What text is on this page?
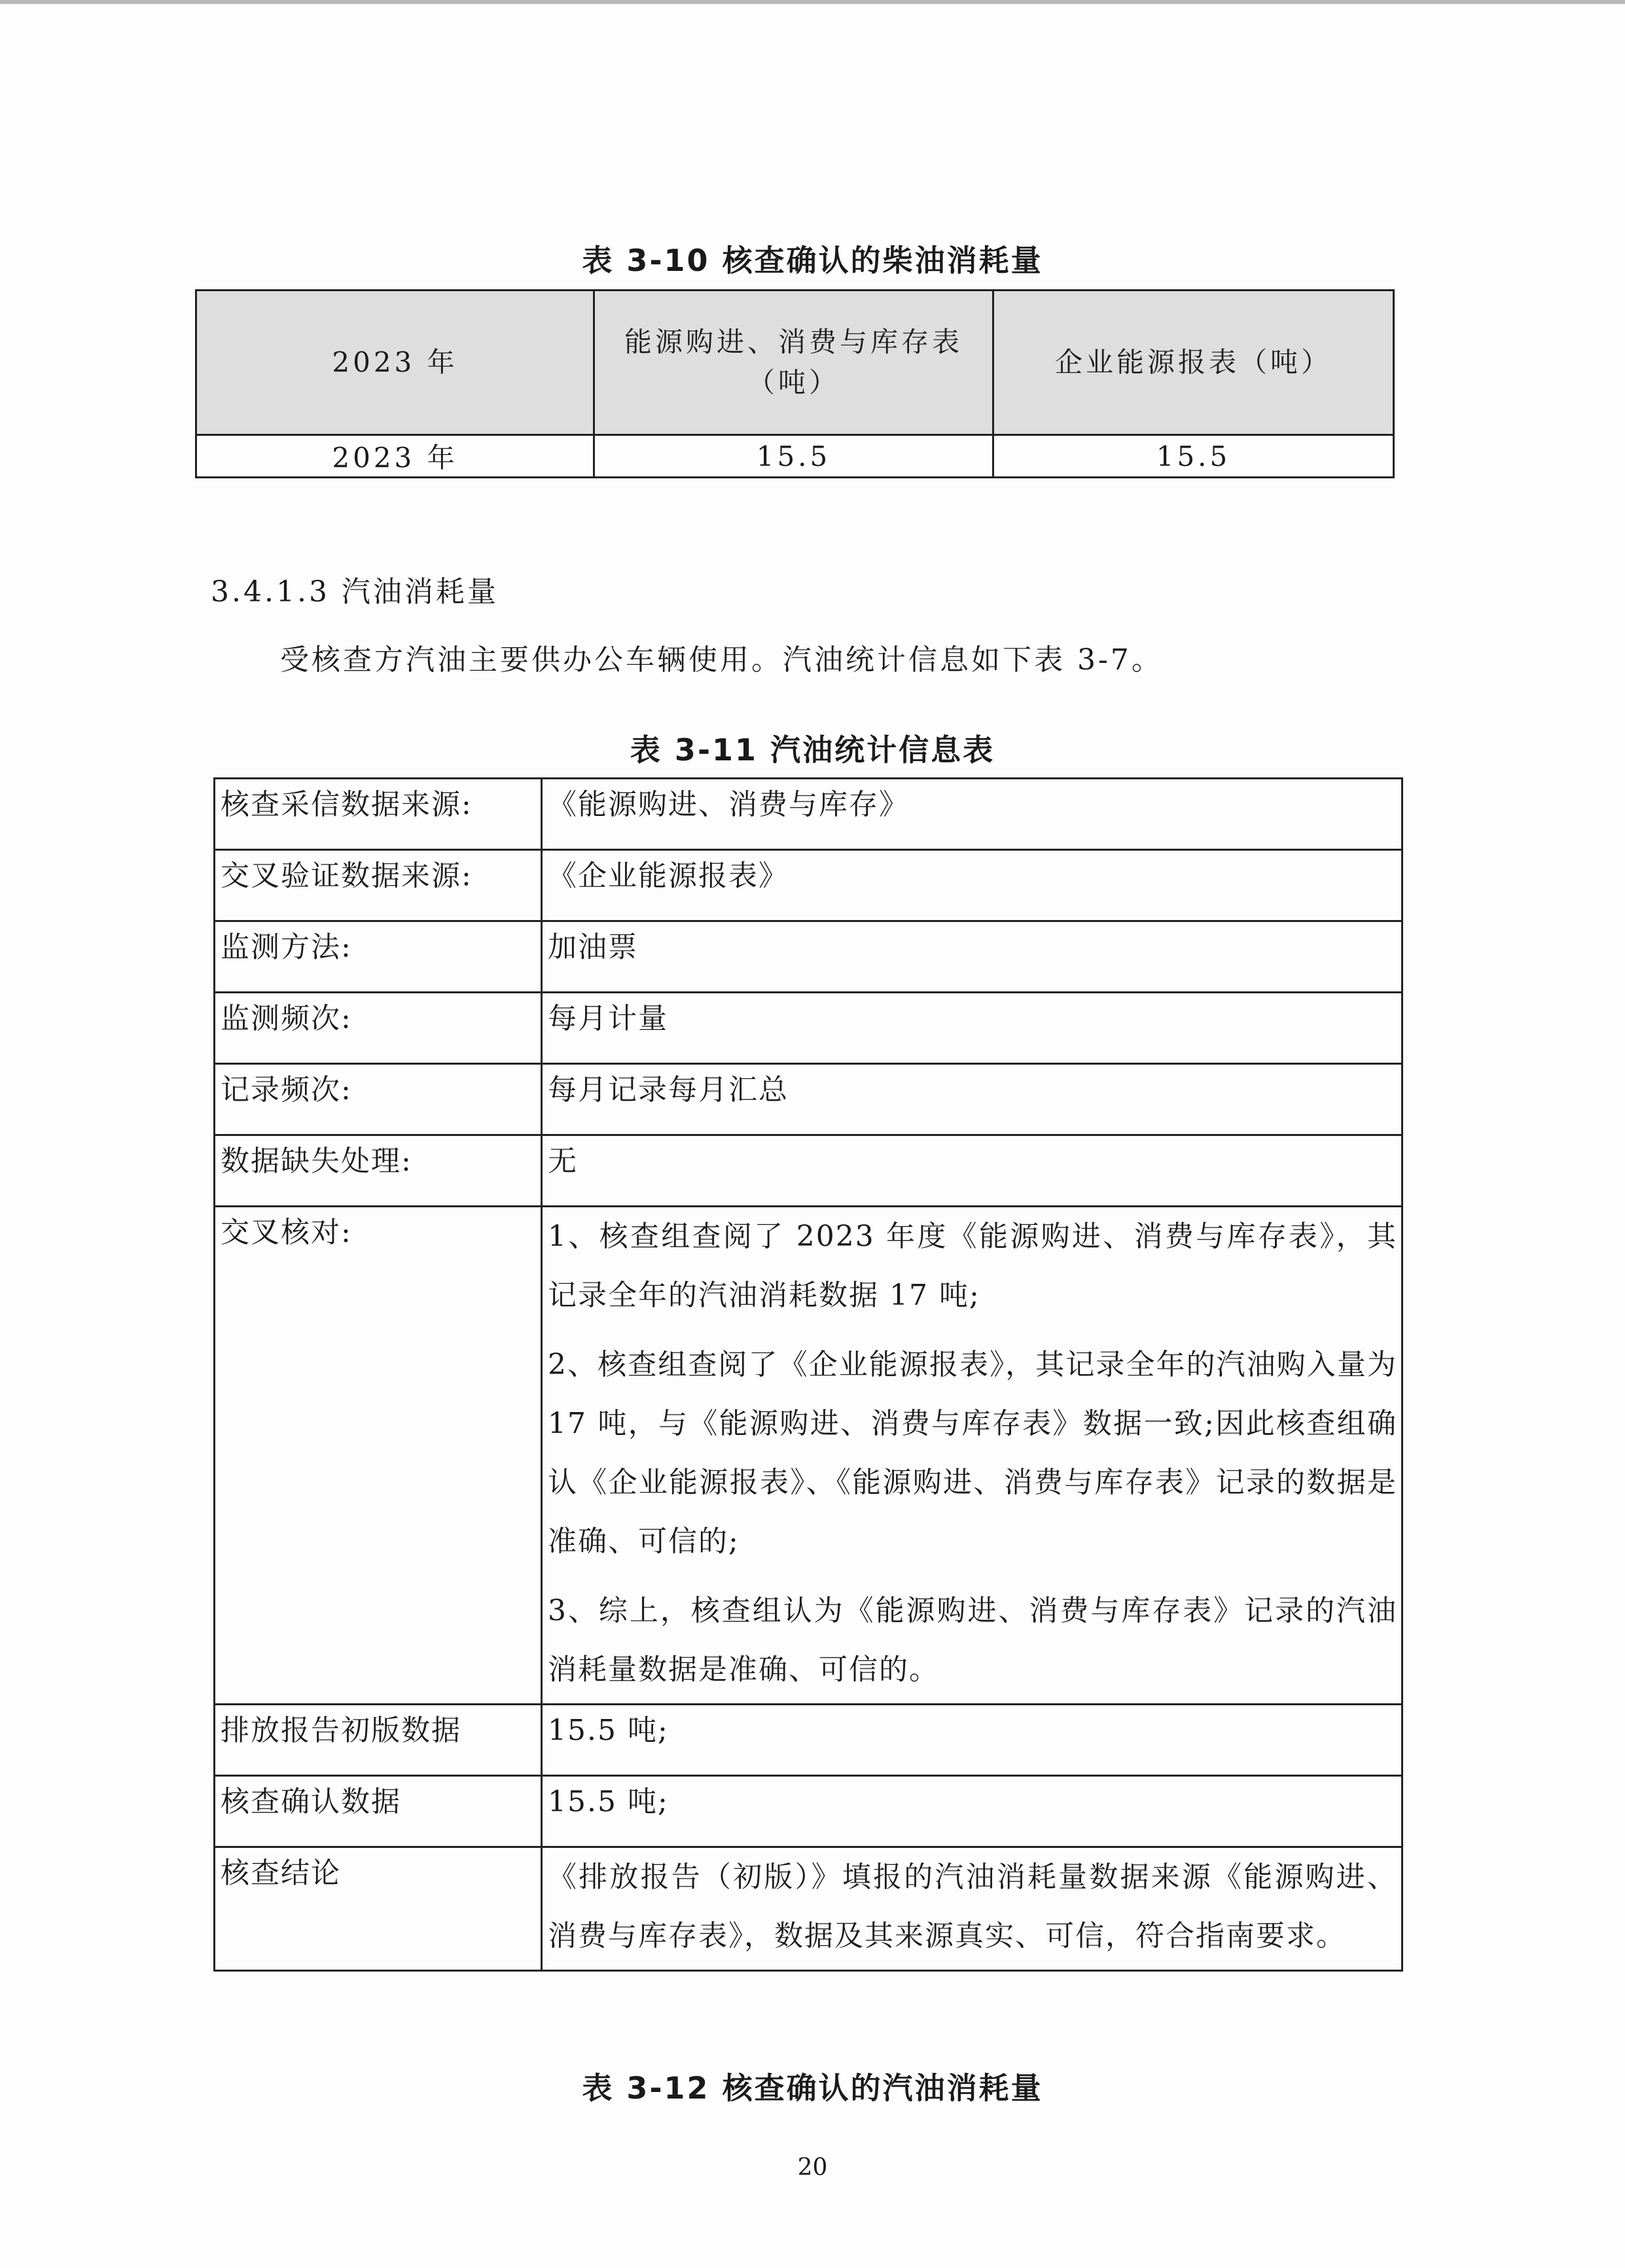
表 3-10 核查确认的柴油消耗量
2023 年	能源购进、消费与库存表（吨）	企业能源报表（吨）
2023 年	15.5	15.5
3.4.1.3 汽油消耗量
受核查方汽油主要供办公车辆使用。汽油统计信息如下表 3-7。
表 3-11 汽油统计信息表
核查采信数据来源:	《能源购进、消费与库存》
交叉验证数据来源:	《企业能源报表》
监测方法:	加油票
监测频次:	每月计量
记录频次:	每月记录每月汇总
数据缺失处理:	无
交叉核对:	1、核查组查阅了 2023 年度《能源购进、消费与库存表》，其记录全年的汽油消耗数据 17 吨;

2、核查组查阅了《企业能源报表》，其记录全年的汽油购入量为 17 吨，与《能源购进、消费与库存表》数据一致;因此核查组确认《企业能源报表》、《能源购进、消费与库存表》记录的数据是准确、可信的;

3、综上，核查组认为《能源购进、消费与库存表》记录的汽油消耗量数据是准确、可信的。

排放报告初版数据	15.5 吨;
核查确认数据	15.5 吨;
核查结论	《排放报告（初版）》填报的汽油消耗量数据来源《能源购进、消费与库存表》，数据及其来源真实、可信，符合指南要求。
表 3-12 核查确认的汽油消耗量
20
